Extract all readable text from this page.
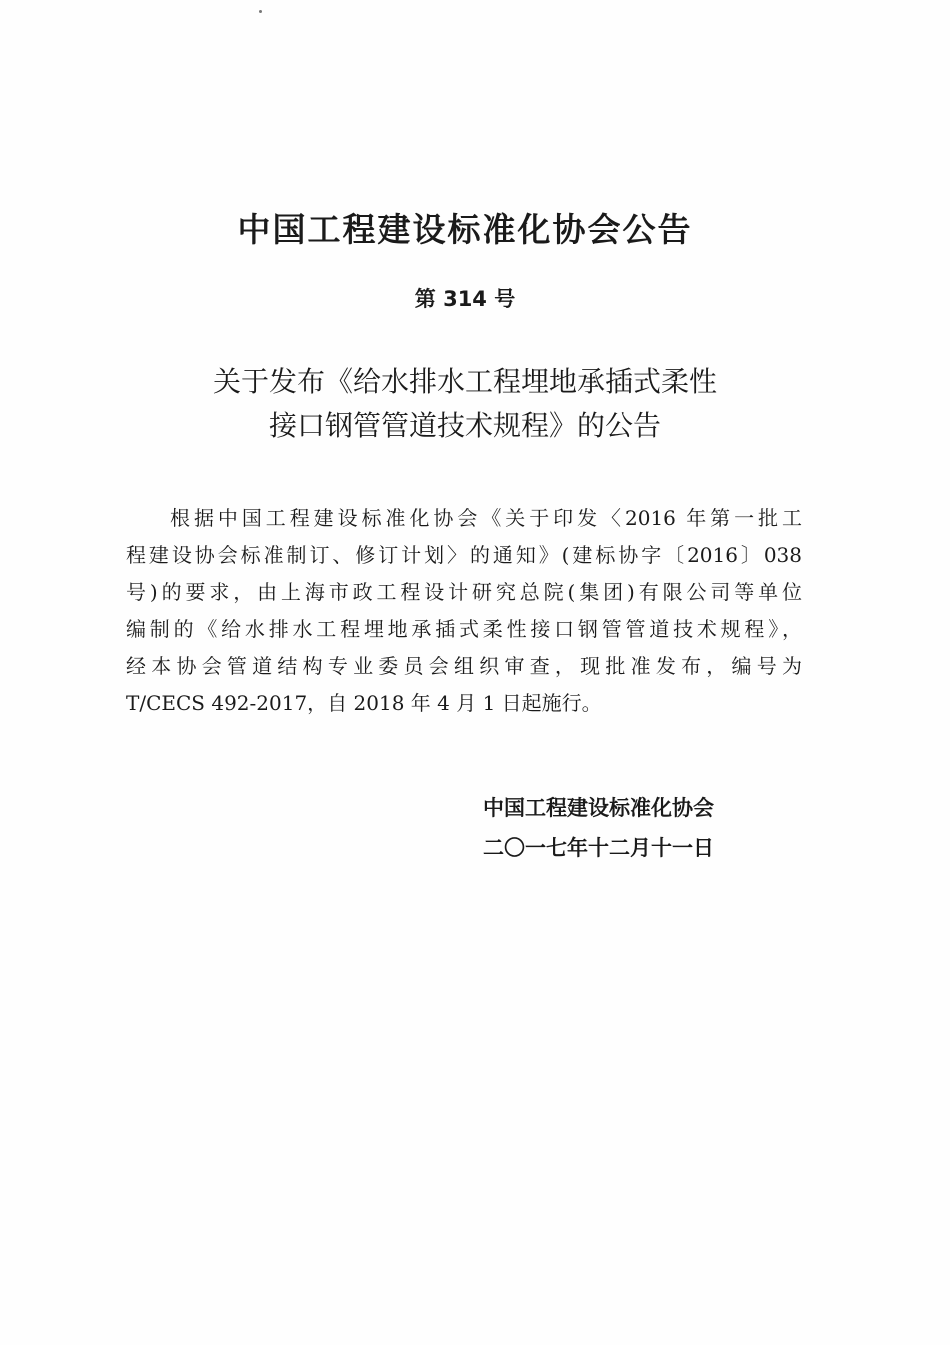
中国工程建设标准化协会公告
第 314 号
关于发布《给水排水工程埋地承插式柔性
接口钢管管道技术规程》的公告
根据中国工程建设标准化协会《关于印发〈2016 年第一批工
程建设协会标准制订、修订计划〉的通知》(建标协字〔2016〕038
号)的要求，由上海市政工程设计研究总院(集团)有限公司等单位
编制的《给水排水工程埋地承插式柔性接口钢管管道技术规程》，
经本协会管道结构专业委员会组织审查，现批准发布，编号为
T/CECS 492-2017，自 2018 年 4 月 1 日起施行。
中国工程建设标准化协会
二〇一七年十二月十一日
